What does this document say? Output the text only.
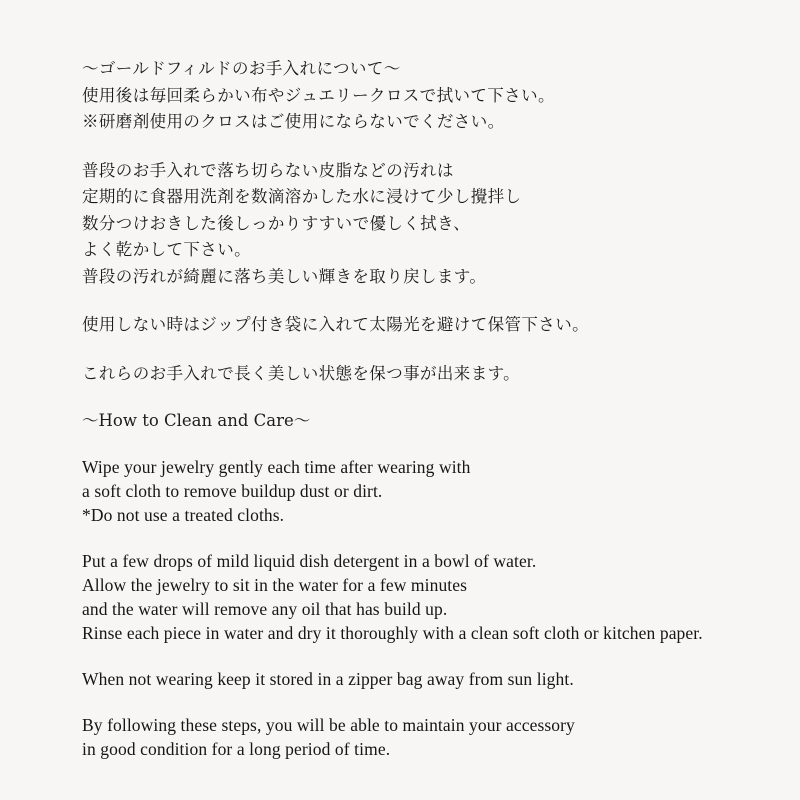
〜ゴールドフィルドのお手入れについて〜
使用後は毎回柔らかい布やジュエリークロスで拭いて下さい。
※研磨剤使用のクロスはご使用にならないでください。
普段のお手入れで落ち切らない皮脂などの汚れは
定期的に食器用洗剤を数滴溶かした水に浸けて少し攪拌し
数分つけおきした後しっかりすすいで優しく拭き、
よく乾かして下さい。
普段の汚れが綺麗に落ち美しい輝きを取り戻します。
使用しない時はジップ付き袋に入れて太陽光を避けて保管下さい。
これらのお手入れで長く美しい状態を保つ事が出来ます。
〜How to Clean and Care〜
Wipe your jewelry gently each time after wearing with
a soft cloth to remove buildup dust or dirt.
*Do not use a treated cloths.
Put a few drops of mild liquid dish detergent in a bowl of water.
Allow the jewelry to sit in the water for a few minutes
and the water will remove any oil that has build up.
Rinse each piece in water and dry it thoroughly with a clean soft cloth or kitchen paper.
When not wearing keep it stored in a zipper bag away from sun light.
By following these steps, you will be able to maintain your accessory
in good condition for a long period of time.
